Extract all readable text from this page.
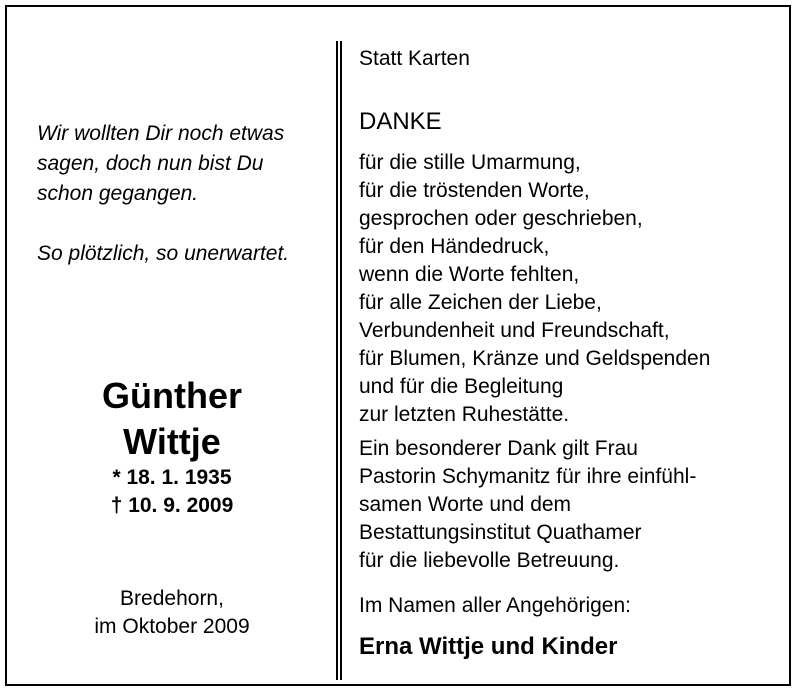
Wir wollten Dir noch etwas
sagen, doch nun bist Du
schon gegangen.
So plötzlich, so unerwartet.
Günther
Wittje
* 18. 1. 1935
† 10. 9. 2009
Bredehorn,
im Oktober 2009
Statt Karten
DANKE
für die stille Umarmung,
für die tröstenden Worte,
gesprochen oder geschrieben,
für den Händedruck,
wenn die Worte fehlten,
für alle Zeichen der Liebe,
Verbundenheit und Freundschaft,
für Blumen, Kränze und Geldspenden
und für die Begleitung
zur letzten Ruhestätte.
Ein besonderer Dank gilt Frau
Pastorin Schymanitz für ihre einfühl-
samen Worte und dem
Bestattungsinstitut Quathamer
für die liebevolle Betreuung.
Im Namen aller Angehörigen:
Erna Wittje und Kinder
